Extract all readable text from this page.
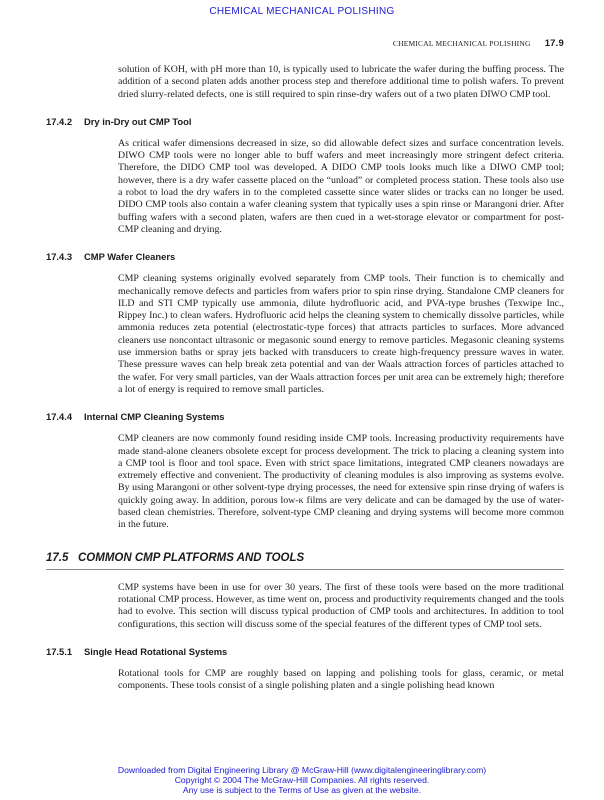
CHEMICAL MECHANICAL POLISHING
CHEMICAL MECHANICAL POLISHING 17.9

solution of KOH, with pH more than 10, is typically used to lubricate the wafer during the buffing process. The addition of a second platen adds another process step and therefore additional time to polish wafers. To prevent dried slurry-related defects, one is still required to spin rinse-dry wafers out of a two platen DIWO CMP tool.

17.4.2 Dry in-Dry out CMP Tool

As critical wafer dimensions decreased in size, so did allowable defect sizes and surface concentration levels. DIWO CMP tools were no longer able to buff wafers and meet increasingly more stringent defect criteria. Therefore, the DIDO CMP tool was developed. A DIDO CMP tools looks much like a DIWO CMP tool; however, there is a dry wafer cassette placed on the “unload” or completed process station. These tools also use a robot to load the dry wafers in to the completed cassette since water slides or tracks can no longer be used. DIDO CMP tools also contain a wafer cleaning system that typically uses a spin rinse or Marangoni drier. After buffing wafers with a second platen, wafers are then cued in a wet-storage elevator or compartment for post-CMP cleaning and drying.

17.4.3 CMP Wafer Cleaners

CMP cleaning systems originally evolved separately from CMP tools. Their function is to chemically and mechanically remove defects and particles from wafers prior to spin rinse drying. Standalone CMP cleaners for ILD and STI CMP typically use ammonia, dilute hydrofluoric acid, and PVA-type brushes (Texwipe Inc., Rippey Inc.) to clean wafers. Hydrofluoric acid helps the cleaning system to chemically dissolve particles, while ammonia reduces zeta potential (electrostatic-type forces) that attracts particles to surfaces. More advanced cleaners use noncontact ultrasonic or megasonic sound energy to remove particles. Megasonic cleaning systems use immersion baths or spray jets backed with transducers to create high-frequency pressure waves in water. These pressure waves can help break zeta potential and van der Waals attraction forces of particles attached to the wafer. For very small particles, van der Waals attraction forces per unit area can be extremely high; therefore a lot of energy is required to remove small particles.

17.4.4 Internal CMP Cleaning Systems

CMP cleaners are now commonly found residing inside CMP tools. Increasing productivity requirements have made stand-alone cleaners obsolete except for process development. The trick to placing a cleaning system into a CMP tool is floor and tool space. Even with strict space limitations, integrated CMP cleaners nowadays are extremely effective and convenient. The productivity of cleaning modules is also improving as systems evolve. By using Marangoni or other solvent-type drying processes, the need for extensive spin rinse drying of wafers is quickly going away. In addition, porous low-κ films are very delicate and can be damaged by the use of water-based clean chemistries. Therefore, solvent-type CMP cleaning and drying systems will become more common in the future.

17.5 COMMON CMP PLATFORMS AND TOOLS

CMP systems have been in use for over 30 years. The first of these tools were based on the more traditional rotational CMP process. However, as time went on, process and productivity requirements changed and the tools had to evolve. This section will discuss typical production of CMP tools and architectures. In addition to tool configurations, this section will discuss some of the special features of the different types of CMP tool sets.

17.5.1 Single Head Rotational Systems

Rotational tools for CMP are roughly based on lapping and polishing tools for glass, ceramic, or metal components. These tools consist of a single polishing platen and a single polishing head known

Downloaded from Digital Engineering Library @ McGraw-Hill (www.digitalengineeringlibrary.com)
Copyright © 2004 The McGraw-Hill Companies. All rights reserved.
Any use is subject to the Terms of Use as given at the website.
